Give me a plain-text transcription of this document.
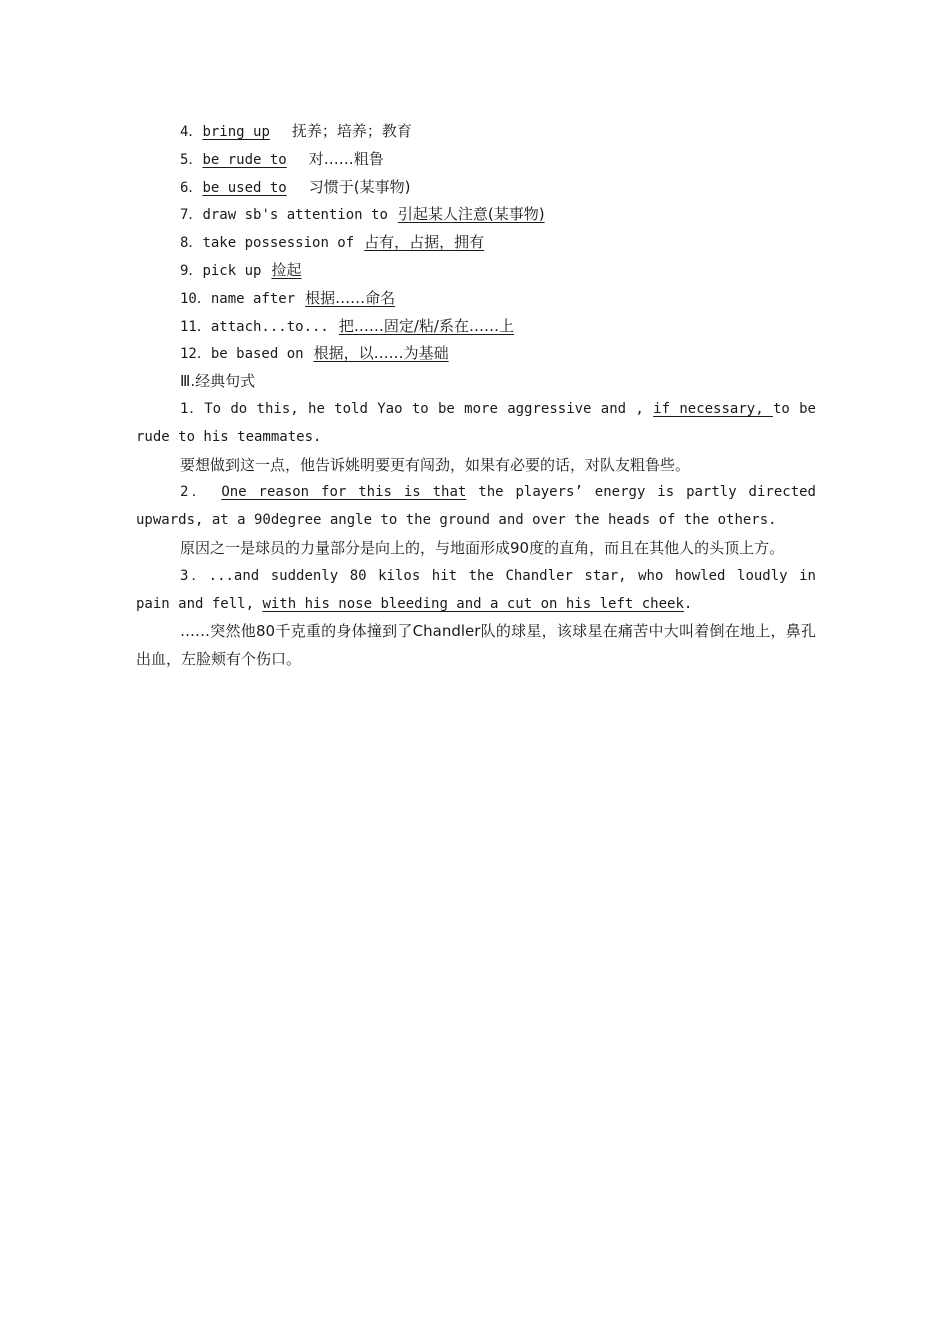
4．bring up 抚养；培养；教育
5．be rude to 对……粗鲁
6．be used to 习惯于(某事物)
7．draw sb's attention to 引起某人注意(某事物)
8．take possession of 占有，占据，拥有
9．pick up 捡起
10．name after 根据……命名
11．attach...to... 把……固定/粘/系在……上
12．be based on 根据，以……为基础
Ⅲ.经典句式
1．To do this, he told Yao to be more aggressive and , if necessary, to be rude to his teammates.
要想做到这一点，他告诉姚明要更有闯劲，如果有必要的话，对队友粗鲁些。
2． One reason for this is that the players’ energy is partly directed upwards, at a 90degree angle to the ground and over the heads of the others.
原因之一是球员的力量部分是向上的，与地面形成90度的直角，而且在其他人的头顶上方。
3．...and suddenly 80 kilos hit the Chandler star, who howled loudly in pain and fell, with his nose bleeding and a cut on his left cheek.
……突然他80千克重的身体撞到了Chandler队的球星，该球星在痛苦中大叫着倒在地上，鼻孔出血，左脸颊有个伤口。
